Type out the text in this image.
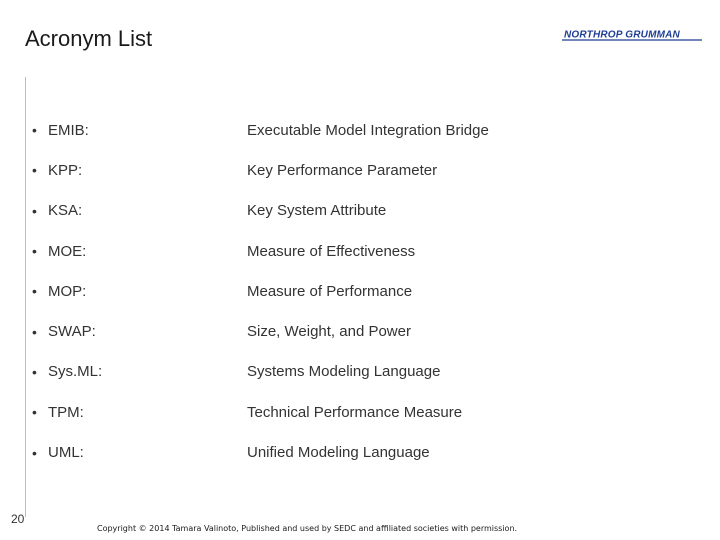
Acronym List	NORTHROP GRUMMAN
• EMIB:	Executable Model Integration Bridge
• KPP:	Key Performance Parameter
• KSA:	Key System Attribute
• MOE:	Measure of Effectiveness
• MOP:	Measure of Performance
• SWAP:	Size, Weight, and Power
• Sys.ML:	Systems Modeling Language
• TPM:	Technical Performance Measure
• UML:	Unified Modeling Language
20
Copyright © 2014 Tamara Valinoto, Published and used by SEDC and affiliated societies with permission.
